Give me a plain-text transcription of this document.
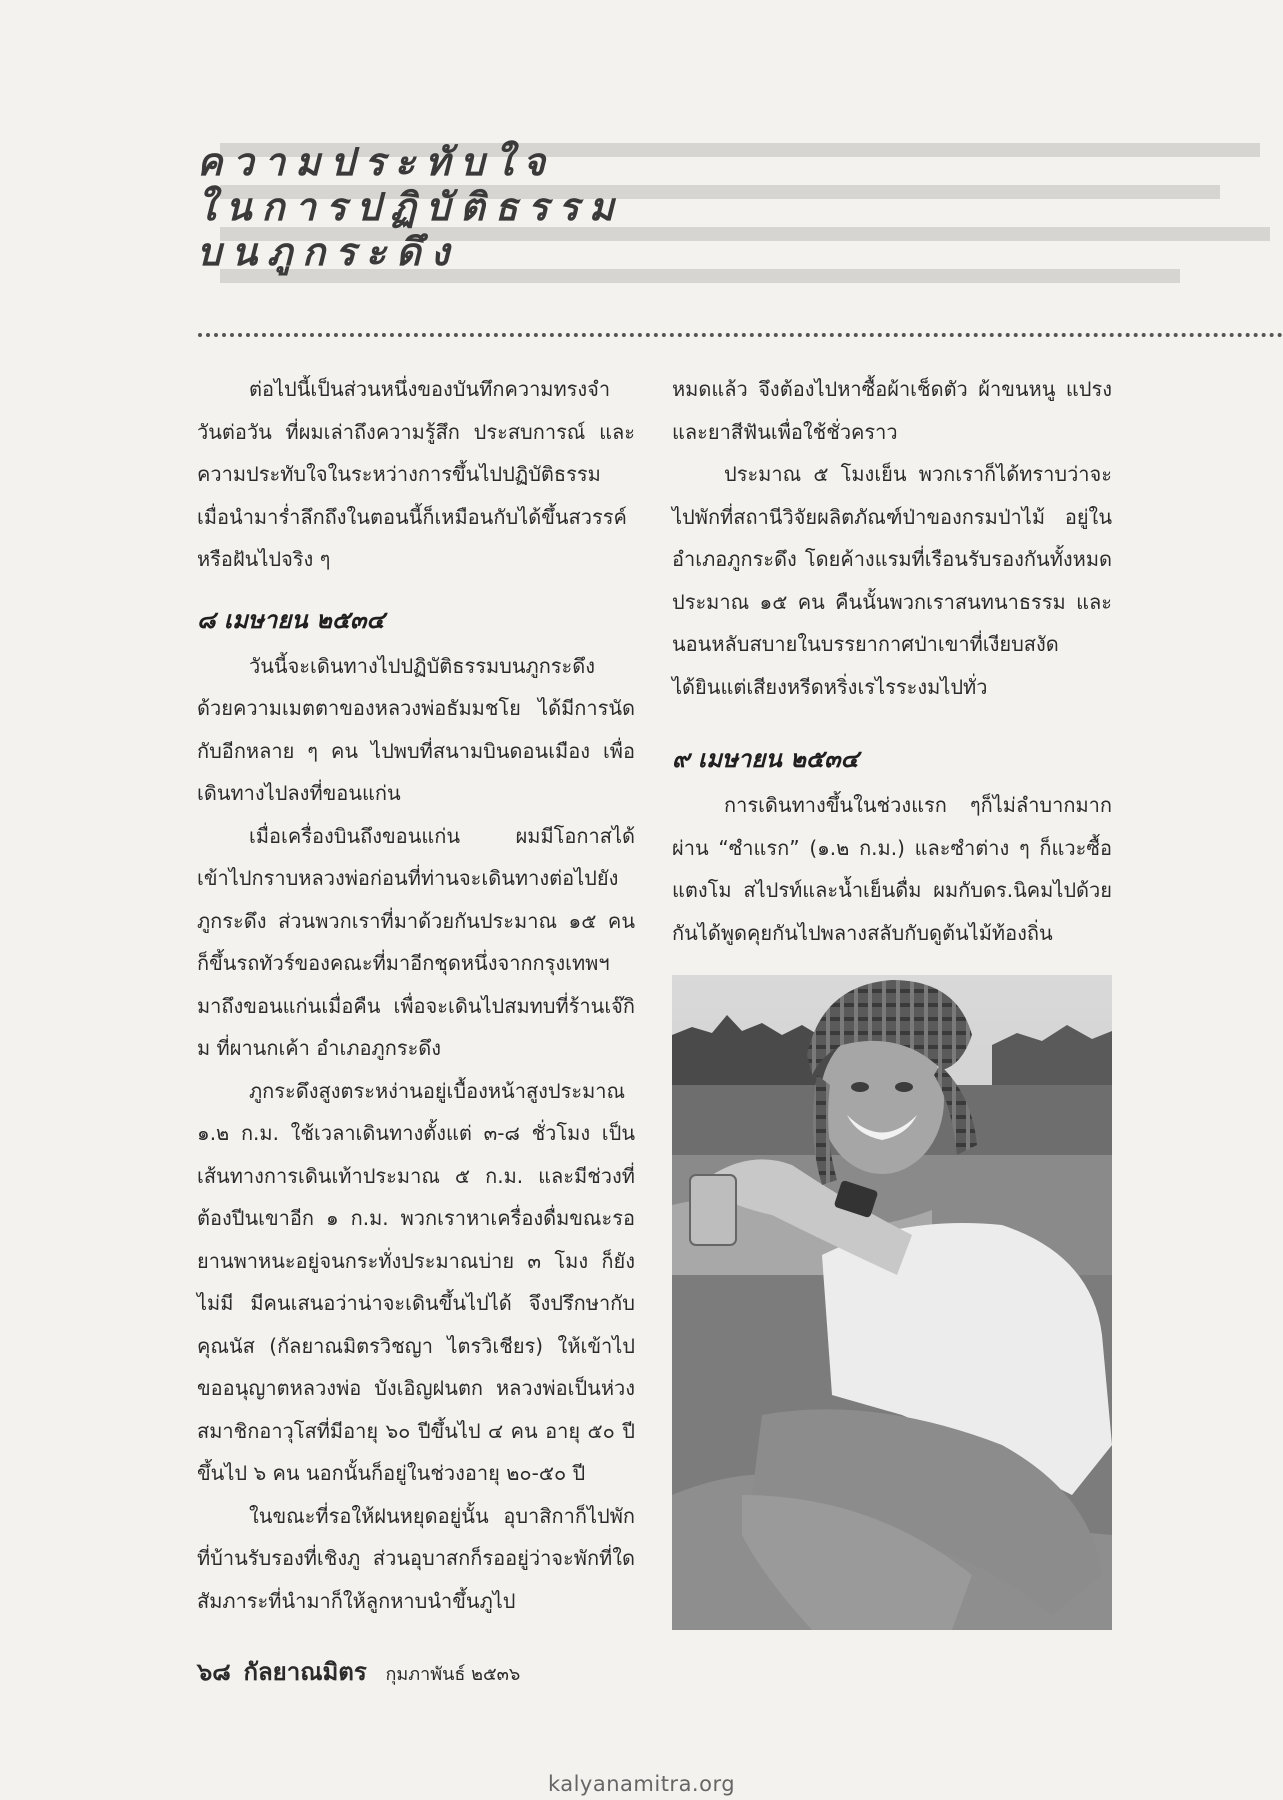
ความประทับใจ
ในการปฏิบัติธรรม
บนภูกระดึง

ต่อไปนี้เป็นส่วนหนึ่งของบันทึกความทรงจำวันต่อวัน ที่ผมเล่าถึงความรู้สึก ประสบการณ์ และความประทับใจในระหว่างการขึ้นไปปฏิบัติธรรม เมื่อนำมาร่ำลึกถึงในตอนนี้ก็เหมือนกับได้ขึ้นสวรรค์หรือฝันไปจริง ๆ

๘ เมษายน ๒๕๓๔

วันนี้จะเดินทางไปปฏิบัติธรรมบนภูกระดึง ด้วยความเมตตาของหลวงพ่อธัมมชโย ได้มีการนัดกับอีกหลาย ๆ คน ไปพบที่สนามบินดอนเมือง เพื่อเดินทางไปลงที่ขอนแก่น

เมื่อเครื่องบินถึงขอนแก่น ผมมีโอกาสได้เข้าไปกราบหลวงพ่อก่อนที่ท่านจะเดินทางต่อไปยังภูกระดึง ส่วนพวกเราที่มาด้วยกันประมาณ ๑๕ คน ก็ขึ้นรถทัวร์ของคณะที่มาอีกชุดหนึ่งจากกรุงเทพฯ มาถึงขอนแก่นเมื่อคืน เพื่อจะเดินไปสมทบที่ร้านเจ๊กิม ที่ผานกเค้า อำเภอภูกระดึง

ภูกระดึงสูงตระหง่านอยู่เบื้องหน้าสูงประมาณ ๑.๒ ก.ม. ใช้เวลาเดินทางตั้งแต่ ๓-๘ ชั่วโมง เป็นเส้นทางการเดินเท้าประมาณ ๕ ก.ม. และมีช่วงที่ต้องปีนเขาอีก ๑ ก.ม. พวกเราหาเครื่องดื่มขณะรอยานพาหนะอยู่จนกระทั่งประมาณบ่าย ๓ โมง ก็ยังไม่มี มีคนเสนอว่าน่าจะเดินขึ้นไปได้ จึงปรึกษากับคุณนัส (กัลยาณมิตรวิชญา ไตรวิเชียร) ให้เข้าไปขออนุญาตหลวงพ่อ บังเอิญฝนตก หลวงพ่อเป็นห่วงสมาชิกอาวุโสที่มีอายุ ๖๐ ปีขึ้นไป ๔ คน อายุ ๕๐ ปีขึ้นไป ๖ คน นอกนั้นก็อยู่ในช่วงอายุ ๒๐-๕๐ ปี

ในขณะที่รอให้ฝนหยุดอยู่นั้น อุบาสิกาก็ไปพักที่บ้านรับรองที่เชิงภู ส่วนอุบาสกก็รออยู่ว่าจะพักที่ใด สัมภาระที่นำมาก็ให้ลูกหาบนำขึ้นภูไป

หมดแล้ว จึงต้องไปหาซื้อผ้าเช็ดตัว ผ้าขนหนู แปรงและยาสีฟันเพื่อใช้ชั่วคราว

ประมาณ ๕ โมงเย็น พวกเราก็ได้ทราบว่าจะไปพักที่สถานีวิจัยผลิตภัณฑ์ป่าของกรมป่าไม้ อยู่ในอำเภอภูกระดึง โดยค้างแรมที่เรือนรับรองกันทั้งหมดประมาณ ๑๕ คน คืนนั้นพวกเราสนทนาธรรม และนอนหลับสบายในบรรยากาศป่าเขาที่เงียบสงัด ได้ยินแต่เสียงหรีดหริ่งเรไรระงมไปทั่ว

๙ เมษายน ๒๕๓๔

การเดินทางขึ้นในช่วงแรก ๆก็ไม่ลำบากมาก ผ่าน “ซำแรก” (๑.๒ ก.ม.) และซำต่าง ๆ ก็แวะซื้อแตงโม สไปรท์และน้ำเย็นดื่ม ผมกับดร.นิคมไปด้วยกันได้พูดคุยกันไปพลางสลับกับดูต้นไม้ท้องถิ่น

๖๘ กัลยาณมิตร กุมภาพันธ์ ๒๕๓๖
kalyanamitra.org
